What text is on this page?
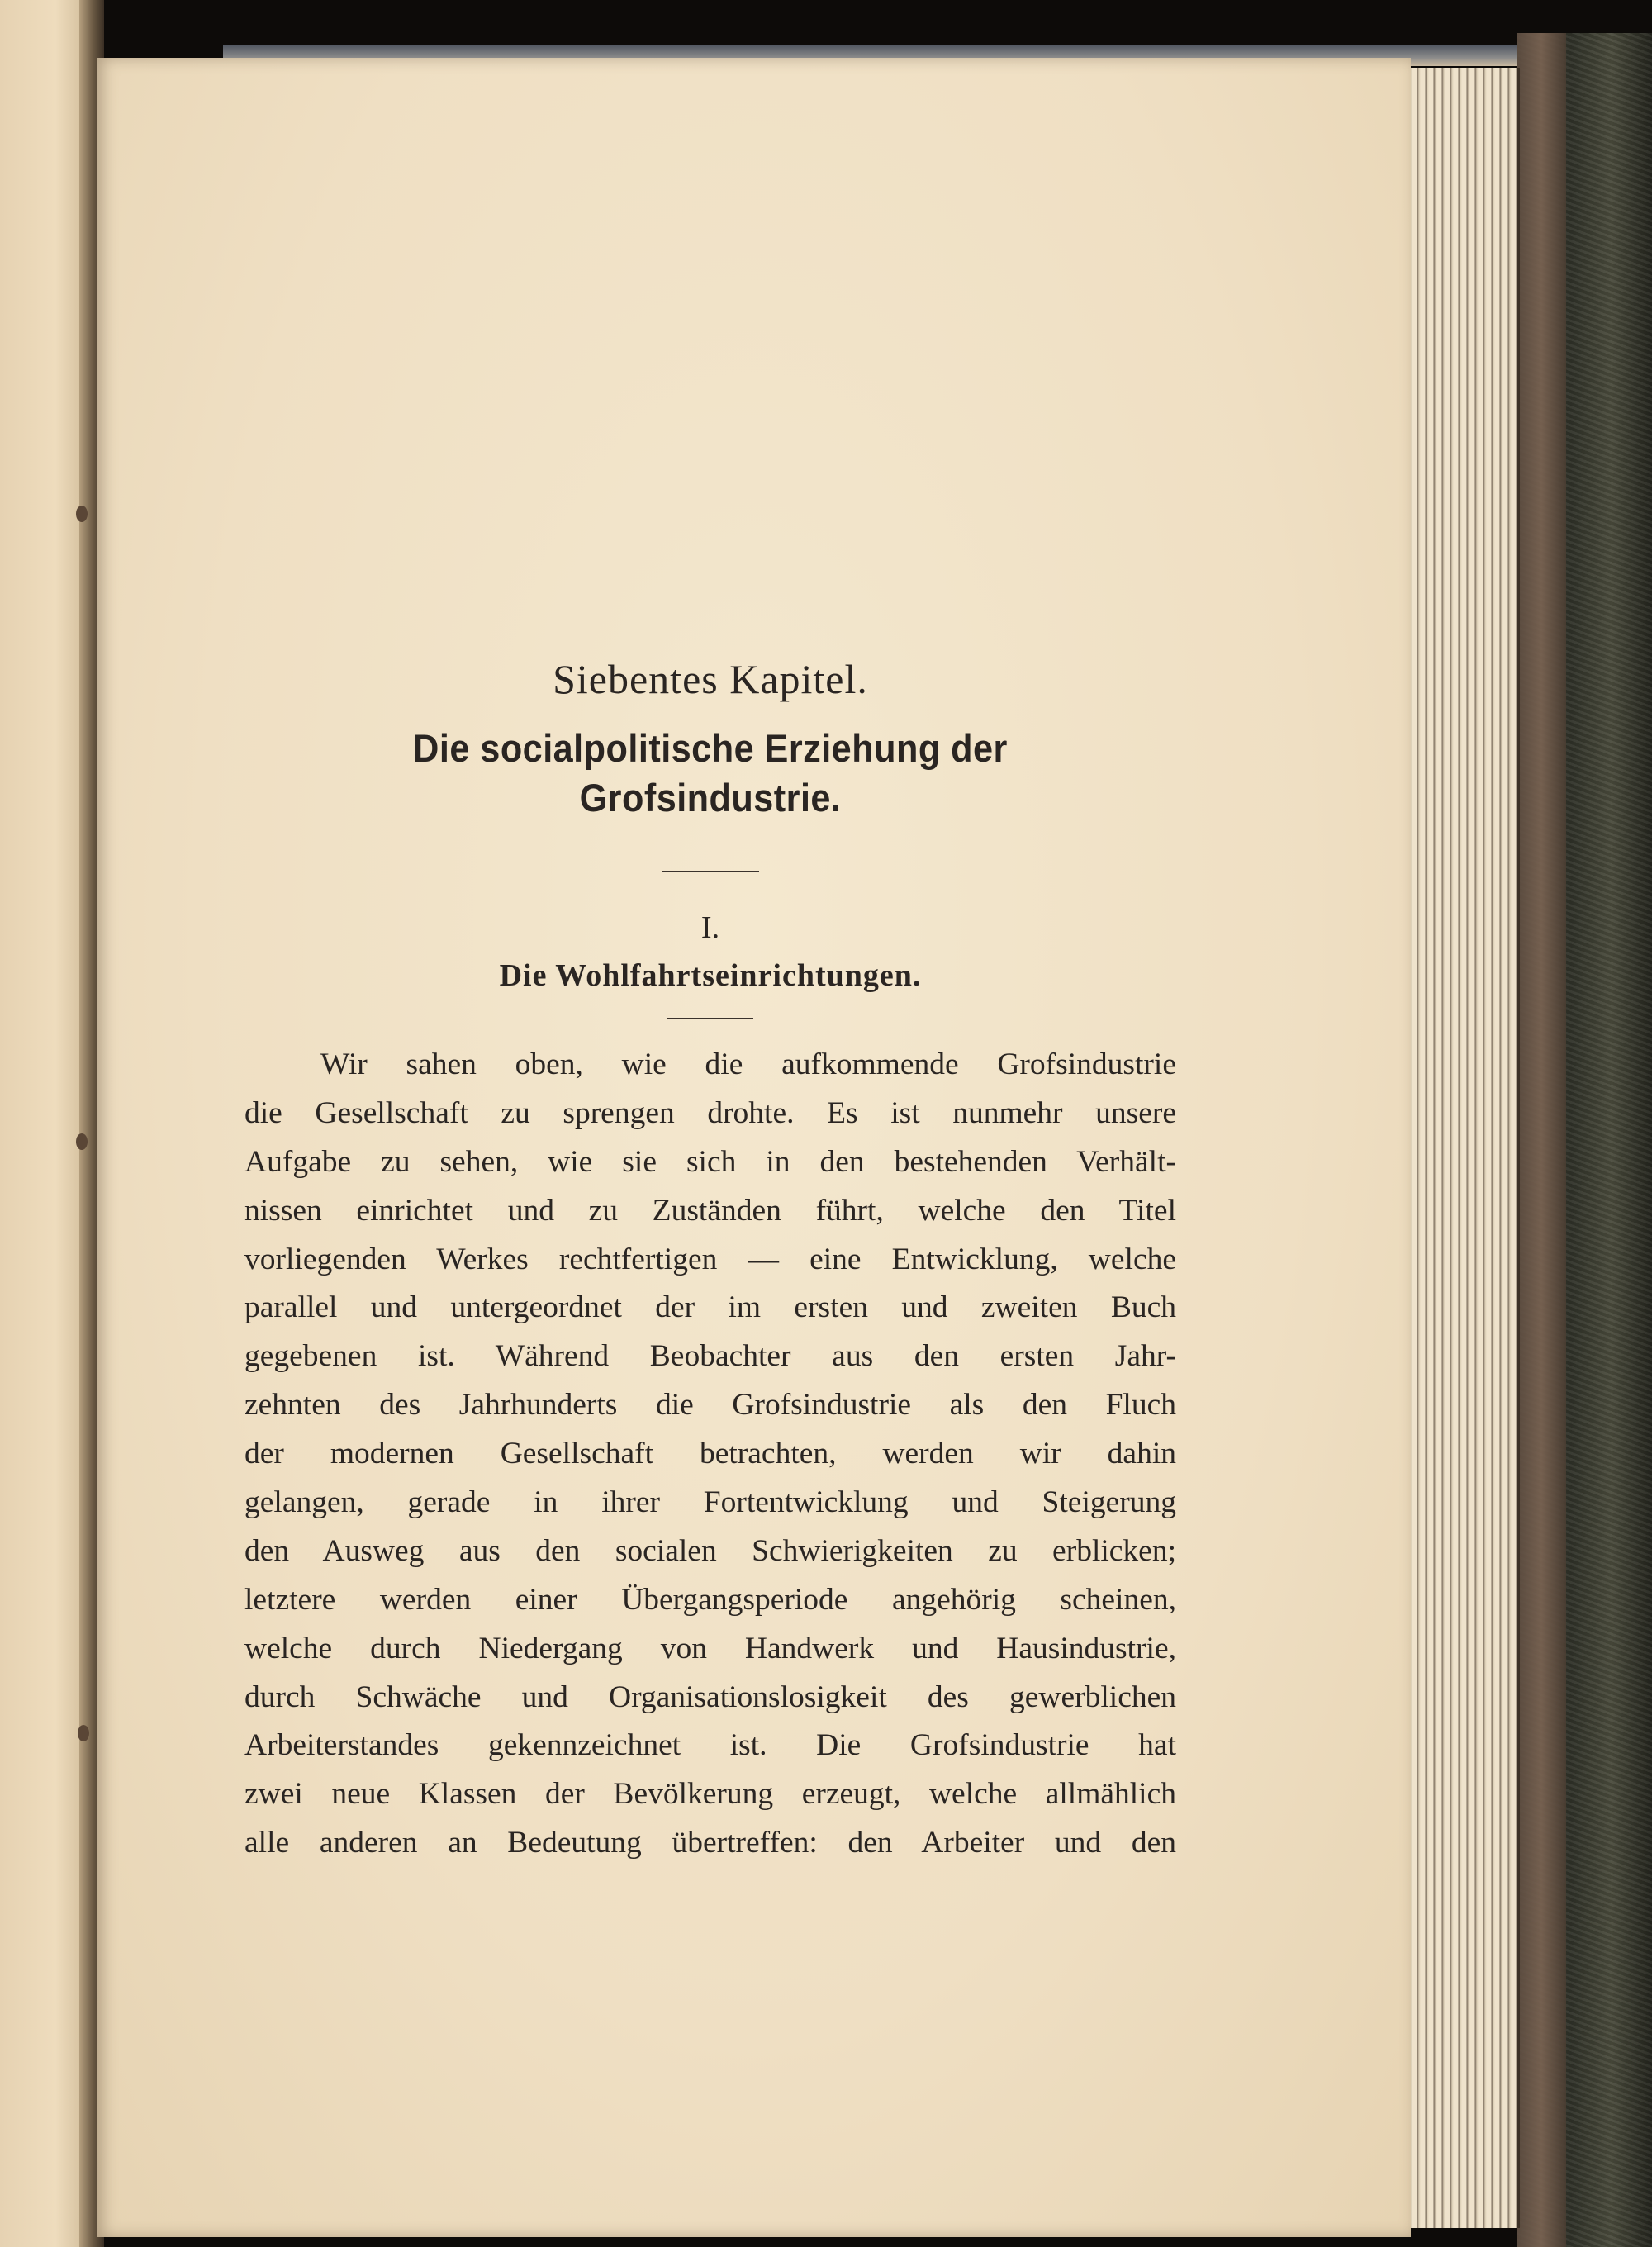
Siebentes Kapitel.

Die socialpolitische Erziehung der Grofsindustrie.

I.

Die Wohlfahrtseinrichtungen.

Wir sahen oben, wie die aufkommende Grofsindustrie
die Gesellschaft zu sprengen drohte. Es ist nunmehr unsere
Aufgabe zu sehen, wie sie sich in den bestehenden Verhält-
nissen einrichtet und zu Zuständen führt, welche den Titel
vorliegenden Werkes rechtfertigen — eine Entwicklung, welche
parallel und untergeordnet der im ersten und zweiten Buch
gegebenen ist. Während Beobachter aus den ersten Jahr-
zehnten des Jahrhunderts die Grofsindustrie als den Fluch
der modernen Gesellschaft betrachten, werden wir dahin
gelangen, gerade in ihrer Fortentwicklung und Steigerung
den Ausweg aus den socialen Schwierigkeiten zu erblicken;
letztere werden einer Übergangsperiode angehörig scheinen,
welche durch Niedergang von Handwerk und Hausindustrie,
durch Schwäche und Organisationslosigkeit des gewerblichen
Arbeiterstandes gekennzeichnet ist. Die Grofsindustrie hat
zwei neue Klassen der Bevölkerung erzeugt, welche allmählich
alle anderen an Bedeutung übertreffen: den Arbeiter und den
